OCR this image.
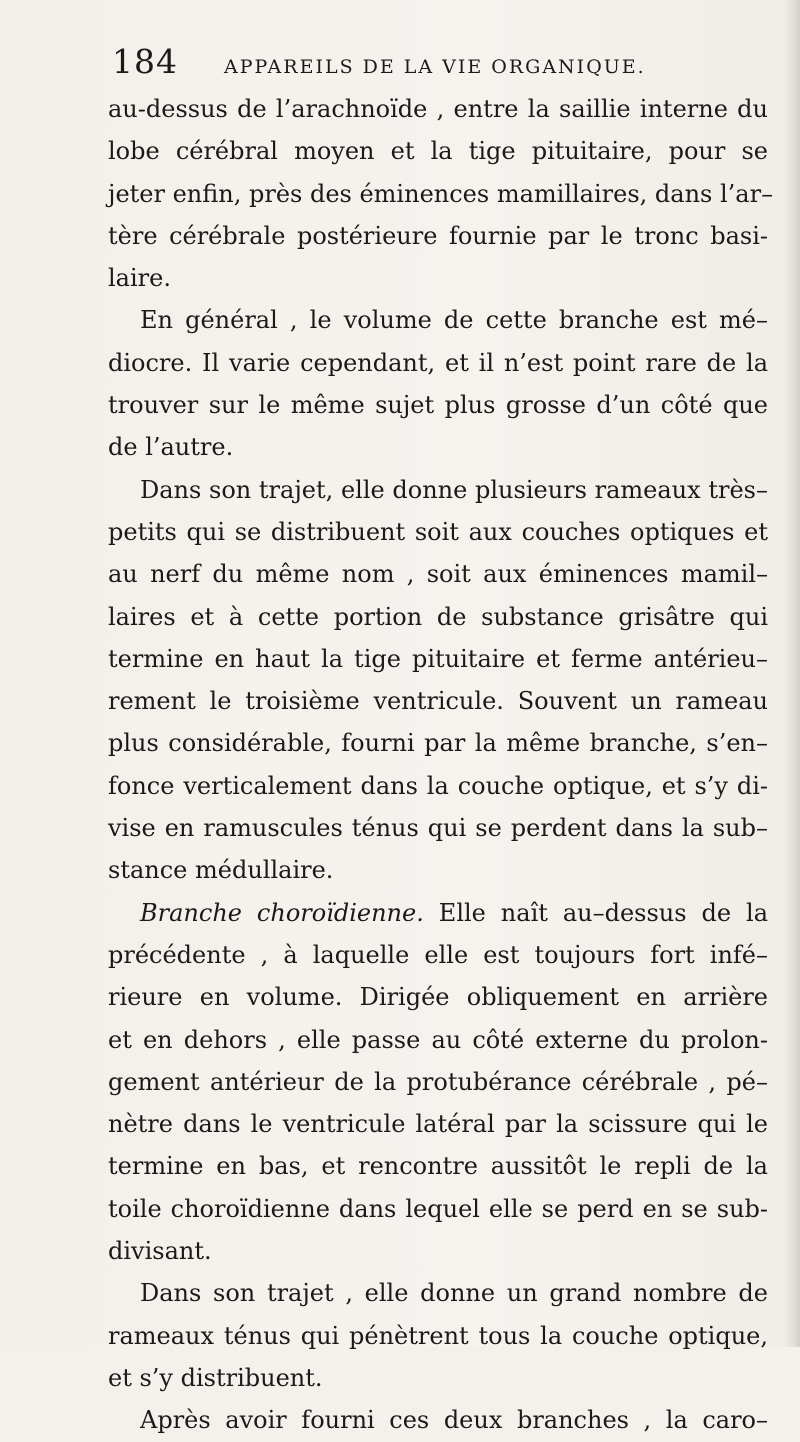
184 APPAREILS DE LA VIE ORGANIQUE.
au-dessus de l’arachnoïde , entre la saillie interne du
lobe cérébral moyen et la tige pituitaire, pour se
jeter enfin, près des éminences mamillaires, dans l’ar–
tère cérébrale postérieure fournie par le tronc basi-
laire.
En général , le volume de cette branche est mé–
diocre. Il varie cependant, et il n’est point rare de la
trouver sur le même sujet plus grosse d’un côté que
de l’autre.
Dans son trajet, elle donne plusieurs rameaux très–
petits qui se distribuent soit aux couches optiques et
au nerf du même nom , soit aux éminences mamil–
laires et à cette portion de substance grisâtre qui
termine en haut la tige pituitaire et ferme antérieu–
rement le troisième ventricule. Souvent un rameau
plus considérable, fourni par la même branche, s’en–
fonce verticalement dans la couche optique, et s’y di-
vise en ramuscules ténus qui se perdent dans la sub–
stance médullaire.
Branche choroïdienne. Elle naît au–dessus de la
précédente , à laquelle elle est toujours fort infé–
rieure en volume. Dirigée obliquement en arrière
et en dehors , elle passe au côté externe du prolon-
gement antérieur de la protubérance cérébrale , pé–
nètre dans le ventricule latéral par la scissure qui le
termine en bas, et rencontre aussitôt le repli de la
toile choroïdienne dans lequel elle se perd en se sub-
divisant.
Dans son trajet , elle donne un grand nombre de
rameaux ténus qui pénètrent tous la couche optique,
et s’y distribuent.
Après avoir fourni ces deux branches , la caro–
